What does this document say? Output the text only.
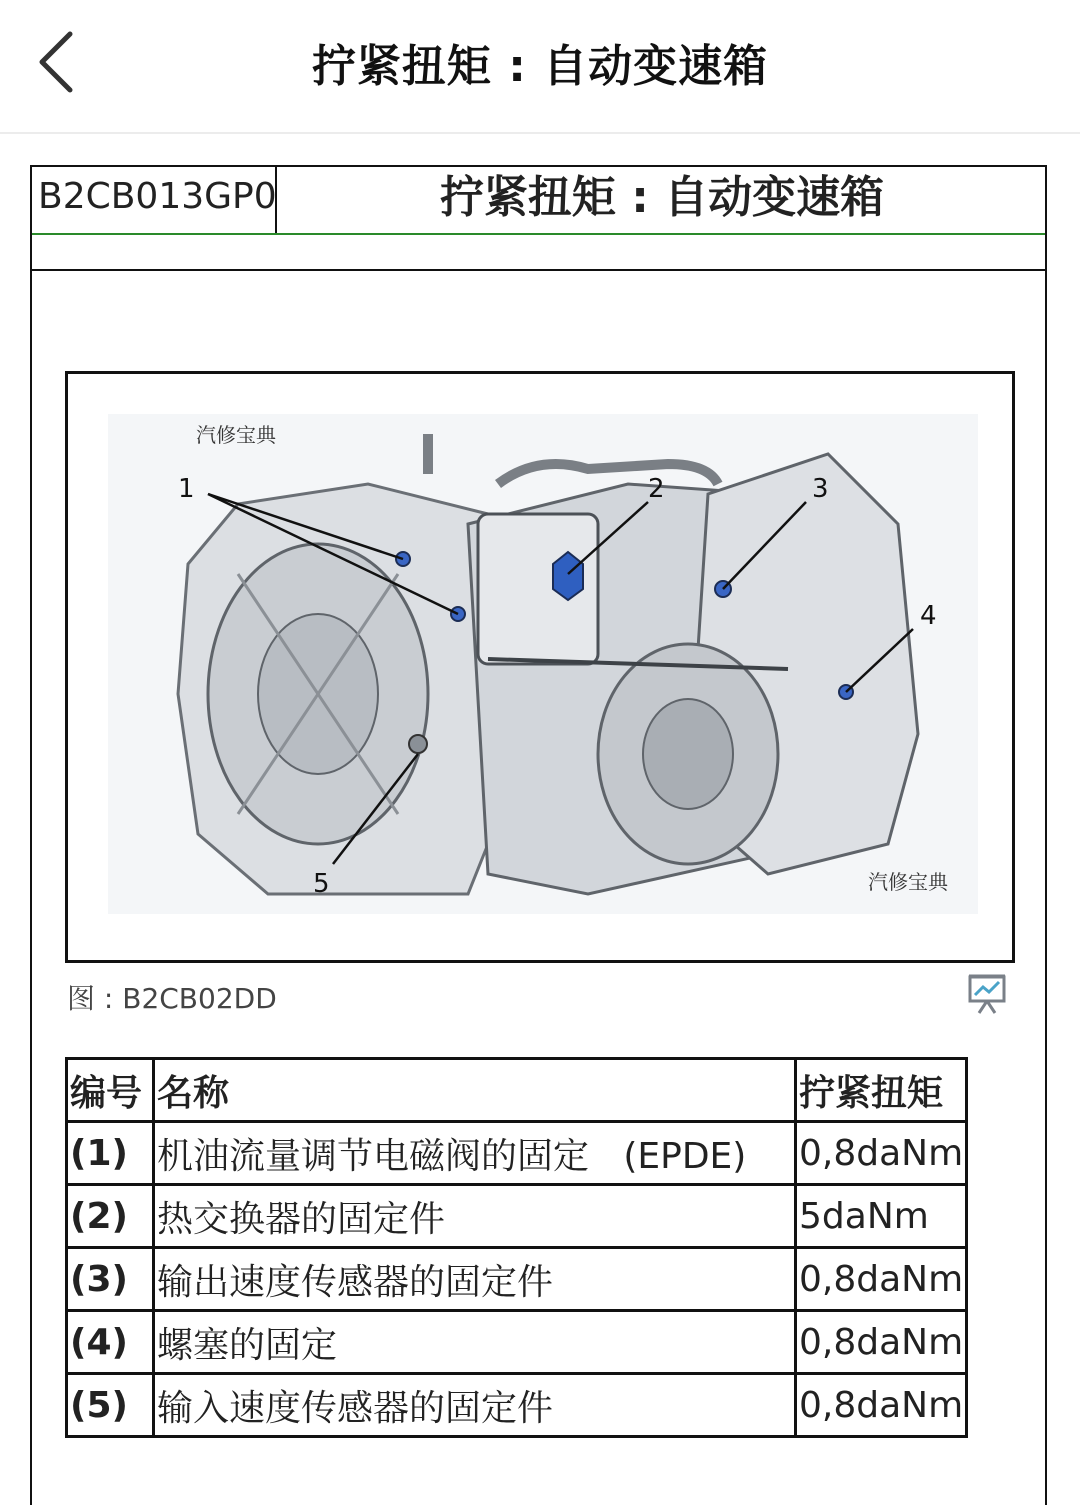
拧紧扭矩 : 自动变速箱
B2CB013GP0	拧紧扭矩 : 自动变速箱
1	2	3
4
5
汽修宝典
汽修宝典
图 : B2CB02DD
编号	名称	拧紧扭矩
(1)	机油流量调节电磁阀的固定   (EPDE)	0,8daNm
(2)	热交换器的固定件	5daNm
(3)	输出速度传感器的固定件	0,8daNm
(4)	螺塞的固定	0,8daNm
(5)	输入速度传感器的固定件	0,8daNm
